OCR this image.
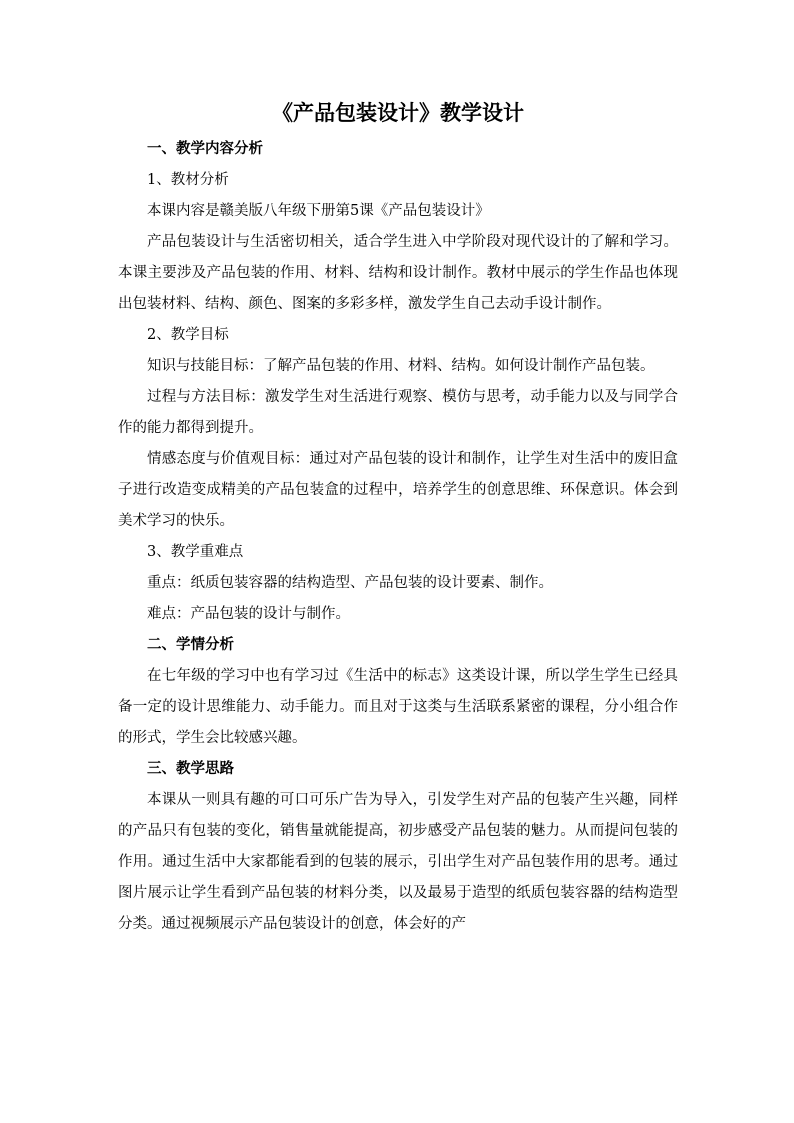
《产品包装设计》教学设计

一、教学内容分析

1、教材分析

本课内容是赣美版八年级下册第5课《产品包装设计》

产品包装设计与生活密切相关，适合学生进入中学阶段对现代设计的了解和学习。本课主要涉及产品包装的作用、材料、结构和设计制作。教材中展示的学生作品也体现出包装材料、结构、颜色、图案的多彩多样，激发学生自己去动手设计制作。

2、教学目标

知识与技能目标：了解产品包装的作用、材料、结构。如何设计制作产品包装。

过程与方法目标：激发学生对生活进行观察、模仿与思考，动手能力以及与同学合作的能力都得到提升。

情感态度与价值观目标：通过对产品包装的设计和制作，让学生对生活中的废旧盒子进行改造变成精美的产品包装盒的过程中，培养学生的创意思维、环保意识。体会到美术学习的快乐。

3、教学重难点

重点：纸质包装容器的结构造型、产品包装的设计要素、制作。

难点：产品包装的设计与制作。

二、学情分析

在七年级的学习中也有学习过《生活中的标志》这类设计课，所以学生学生已经具备一定的设计思维能力、动手能力。而且对于这类与生活联系紧密的课程，分小组合作的形式，学生会比较感兴趣。

三、教学思路

本课从一则具有趣的可口可乐广告为导入，引发学生对产品的包装产生兴趣，同样的产品只有包装的变化，销售量就能提高，初步感受产品包装的魅力。从而提问包装的作用。通过生活中大家都能看到的包装的展示，引出学生对产品包装作用的思考。通过图片展示让学生看到产品包装的材料分类，以及最易于造型的纸质包装容器的结构造型分类。通过视频展示产品包装设计的创意，体会好的产
